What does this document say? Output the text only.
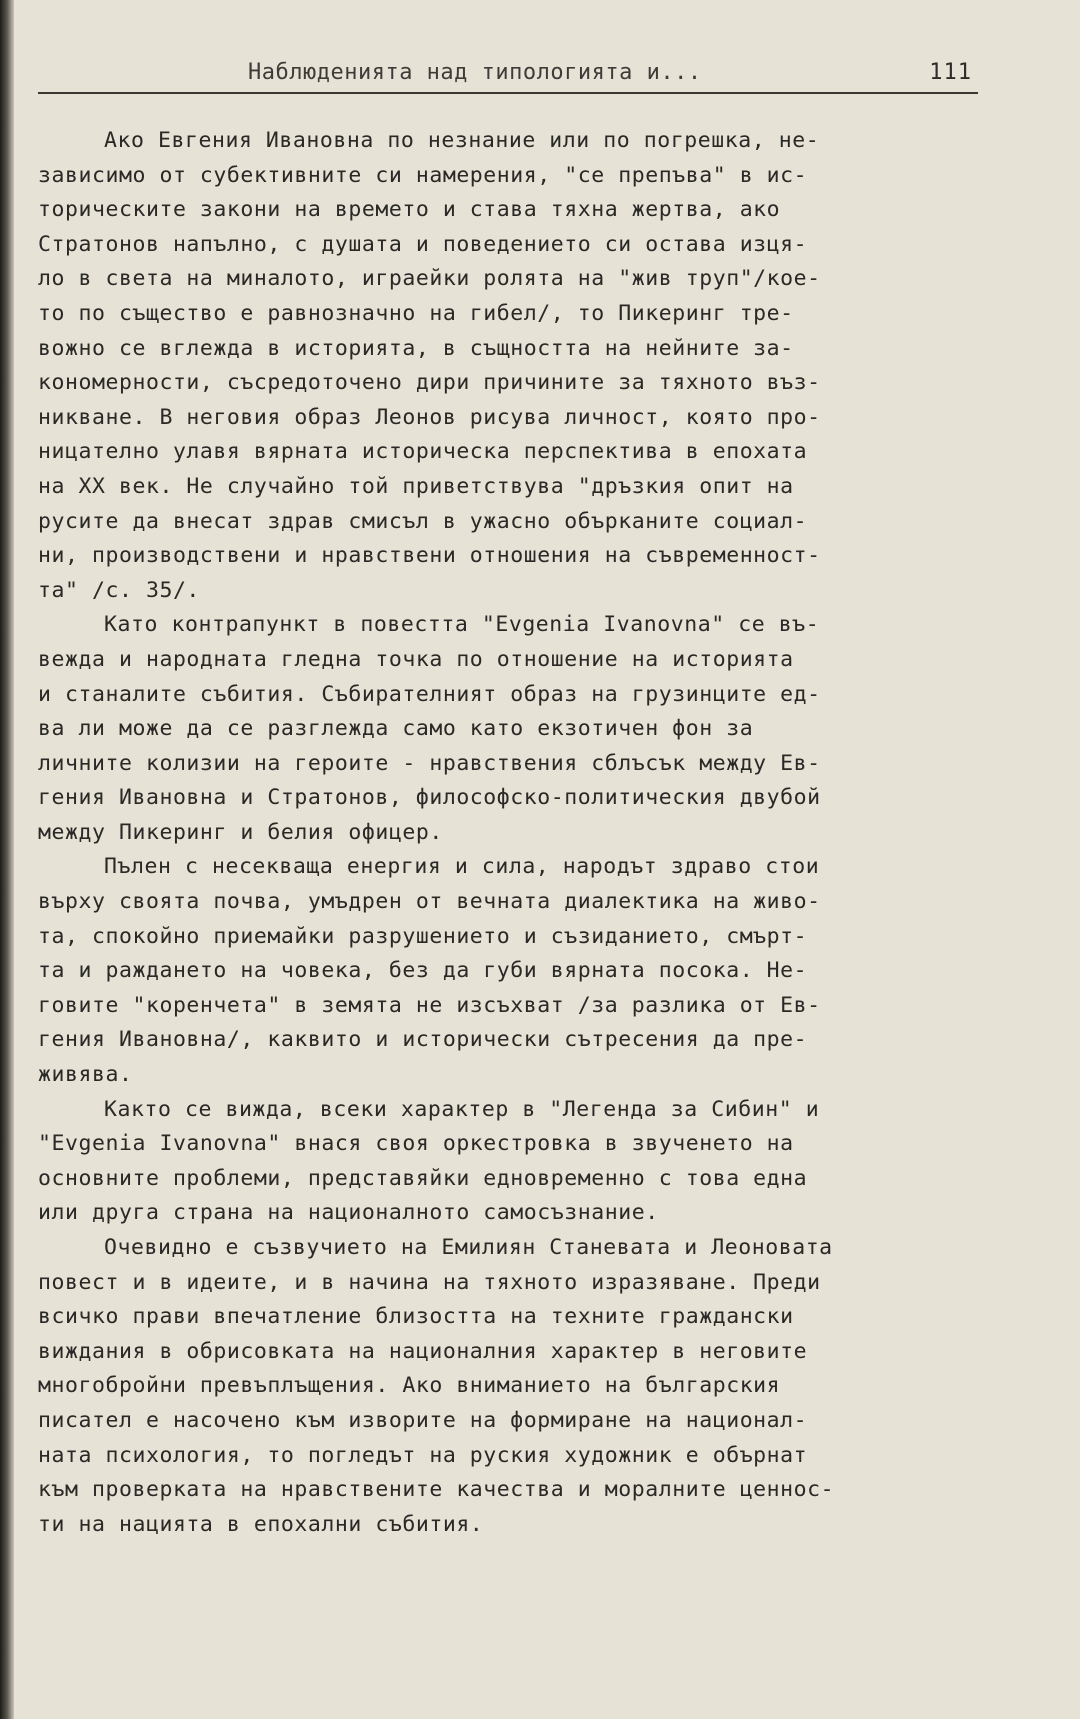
Наблюденията над типологията и...	111
Ако Евгения Ивановна по незнание или по погрешка, не-
зависимо от субективните си намерения, "се препъва" в ис-
торическите закони на времето и става тяхна жертва, ако
Стратонов напълно, с душата и поведението си остава изця-
ло в света на миналото, играейки ролята на "жив труп"/кое-
то по същество е равнозначно на гибел/, то Пикеринг тре-
вожно се вглежда в историята, в същността на нейните за-
кономерности, съсредоточено дири причините за тяхното въз-
никване. В неговия образ Леонов рисува личност, която про-
ницателно улавя вярната историческа перспектива в епохата
на XX век. Не случайно той приветствува "дръзкия опит на
русите да внесат здрав смисъл в ужасно обърканите социал-
ни, производствени и нравствени отношения на съвременност-
та" /с. 35/.
Като контрапункт в повестта "Evgenia Ivanovna" се въ-
вежда и народната гледна точка по отношение на историята
и станалите събития. Събирателният образ на грузинците ед-
ва ли може да се разглежда само като екзотичен фон за
личните колизии на героите - нравствения сблъсък между Ев-
гения Ивановна и Стратонов, философско-политическия двубой
между Пикеринг и белия офицер.
Пълен с несекваща енергия и сила, народът здраво стои
върху своята почва, умъдрен от вечната диалектика на живо-
та, спокойно приемайки разрушението и съзиданието, смърт-
та и раждането на човека, без да губи вярната посока. Не-
говите "коренчета" в земята не изсъхват /за разлика от Ев-
гения Ивановна/, каквито и исторически сътресения да пре-
живява.
Както се вижда, всеки характер в "Легенда за Сибин" и
"Evgenia Ivanovna" внася своя оркестровка в звученето на
основните проблеми, представяйки едновременно с това една
или друга страна на националното самосъзнание.
Очевидно е съзвучието на Емилиян Станевата и Леоновата
повест и в идеите, и в начина на тяхното изразяване. Преди
всичко прави впечатление близостта на техните граждански
виждания в обрисовката на националния характер в неговите
многобройни превъплъщения. Ако вниманието на българския
писател е насочено към изворите на формиране на национал-
ната психология, то погледът на руския художник е обърнат
към проверката на нравствените качества и моралните ценнос-
ти на нацията в епохални събития.
